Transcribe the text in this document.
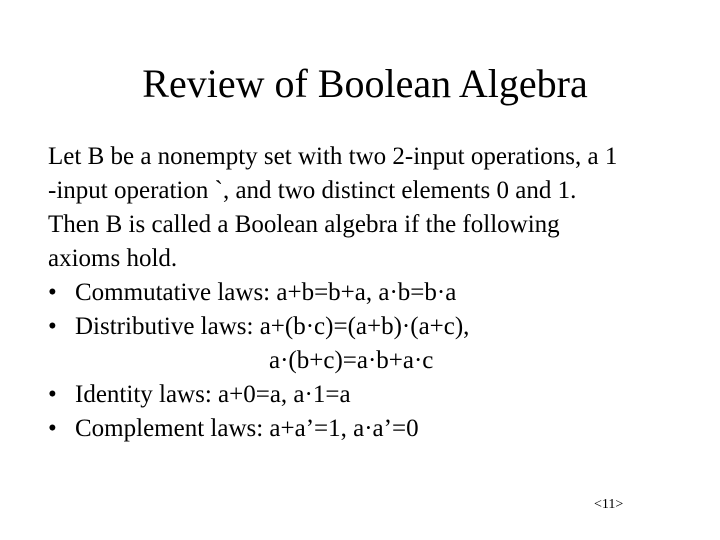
Review of Boolean Algebra
Let B be a nonempty set with two 2-input operations, a 1
-input operation `, and two distinct elements 0 and 1.
Then B is called a Boolean algebra if the following
axioms hold.
• Commutative laws: a+b=b+a, a·b=b·a
• Distributive laws: a+(b·c)=(a+b)·(a+c),
a·(b+c)=a·b+a·c
• Identity laws: a+0=a, a·1=a
• Complement laws: a+a’=1, a·a’=0
<11>
